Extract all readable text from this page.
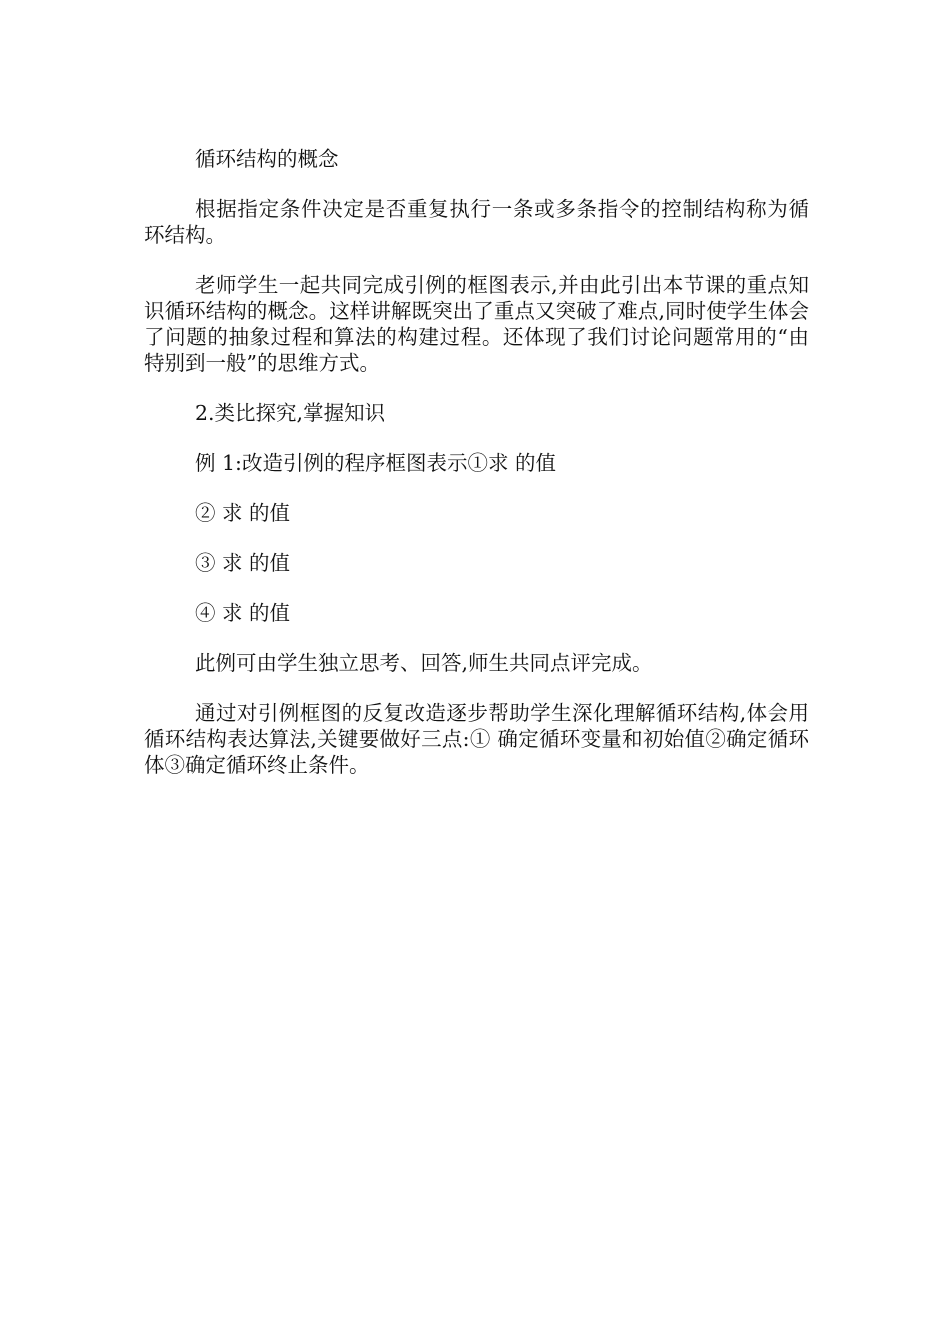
循环结构的概念

根据指定条件决定是否重复执行一条或多条指令的控制结构称为循环结构。

老师学生一起共同完成引例的框图表示,并由此引出本节课的重点知识循环结构的概念。这样讲解既突出了重点又突破了难点,同时使学生体会了问题的抽象过程和算法的构建过程。还体现了我们讨论问题常用的“由特别到一般”的思维方式。

2.类比探究,掌握知识

例 1:改造引例的程序框图表示①求 的值

② 求 的值

③ 求 的值

④ 求 的值

此例可由学生独立思考、回答,师生共同点评完成。

通过对引例框图的反复改造逐步帮助学生深化理解循环结构,体会用循环结构表达算法,关键要做好三点:① 确定循环变量和初始值②确定循环体③确定循环终止条件。
